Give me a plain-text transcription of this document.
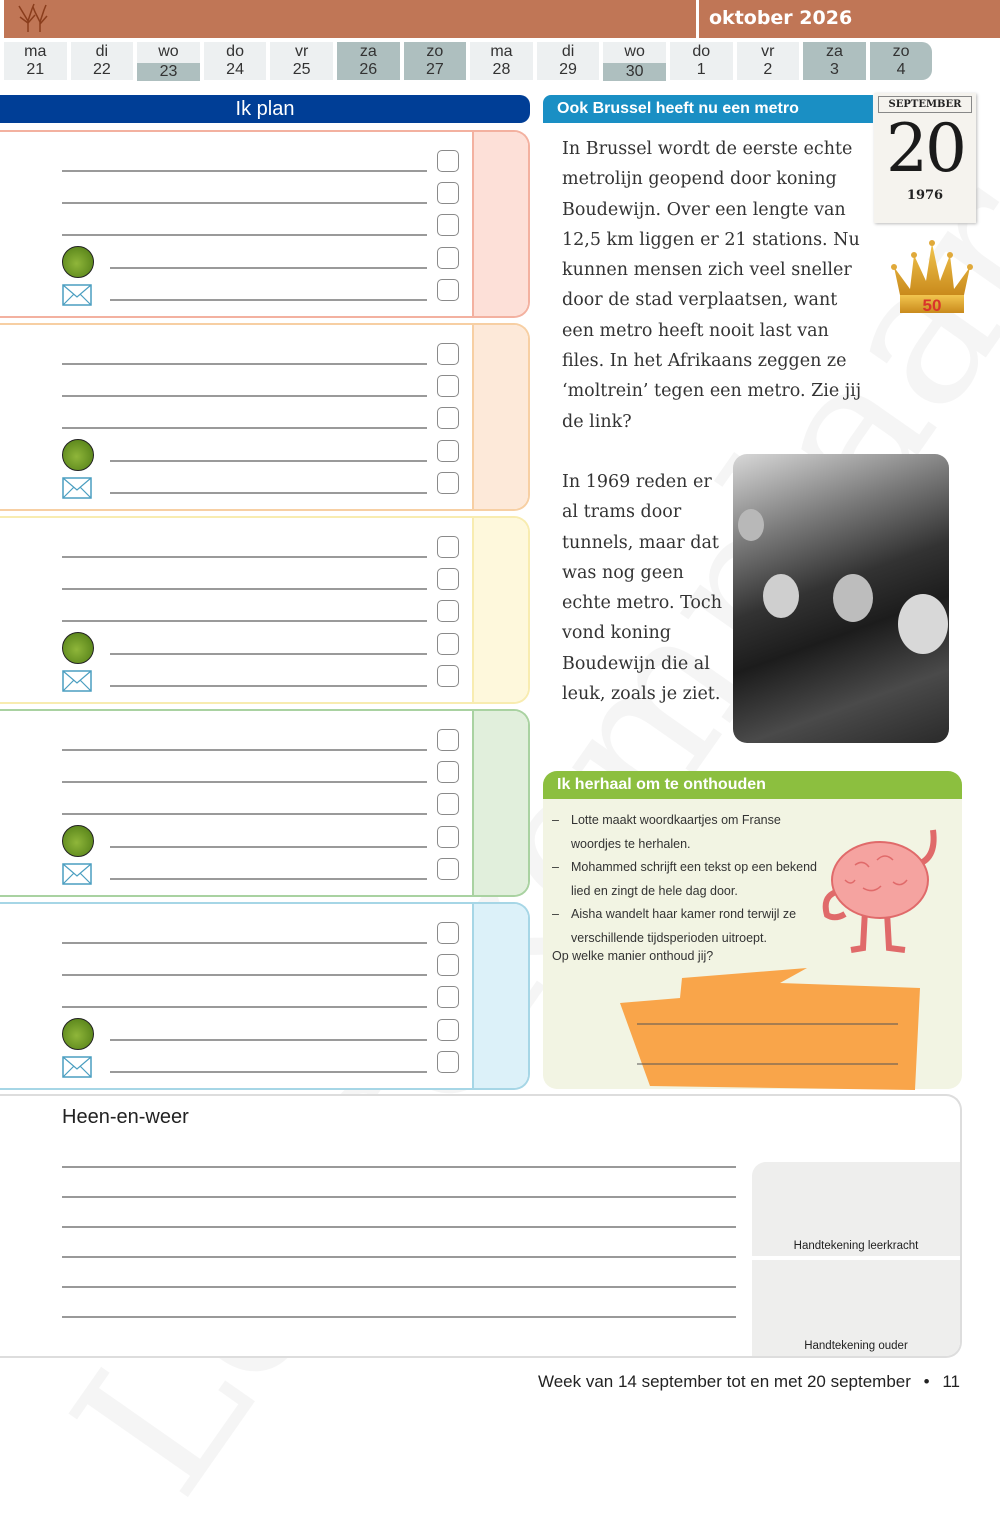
oktober 2026
ma
21
di
22
wo
23
do
24
vr
25
za
26
zo
27
ma
28
di
29
wo
30
do
1
vr
2
za
3
zo
4
Ik plan	Ook Brussel heeft nu een metro
In Brussel wordt de eerste echte metrolijn geopend door koning Boudewijn. Over een lengte van 12,5 km liggen er 21 stations. Nu kunnen mensen zich veel sneller door de stad verplaatsen, want een metro heeft nooit last van files. In het Afrikaans zeggen ze ‘moltrein’ tegen een metro. Zie jij de link?
In 1969 reden er al trams door tunnels, maar dat was nog geen echte metro. Toch vond koning Boudewijn die al leuk, zoals je ziet.
SEPTEMBER
20
1976
50
Ik herhaal om te onthouden
– Lotte maakt woordkaartjes om Franse woordjes te herhalen.
– Mohammed schrijft een tekst op een bekend lied en zingt de hele dag door.
– Aisha wandelt haar kamer rond terwijl ze verschillende tijdsperioden uitroept.
Op welke manier onthoud jij?
Heen-en-weer
Handtekening leerkracht
Handtekening ouder
Week van 14 september tot en met 20 september • 11
